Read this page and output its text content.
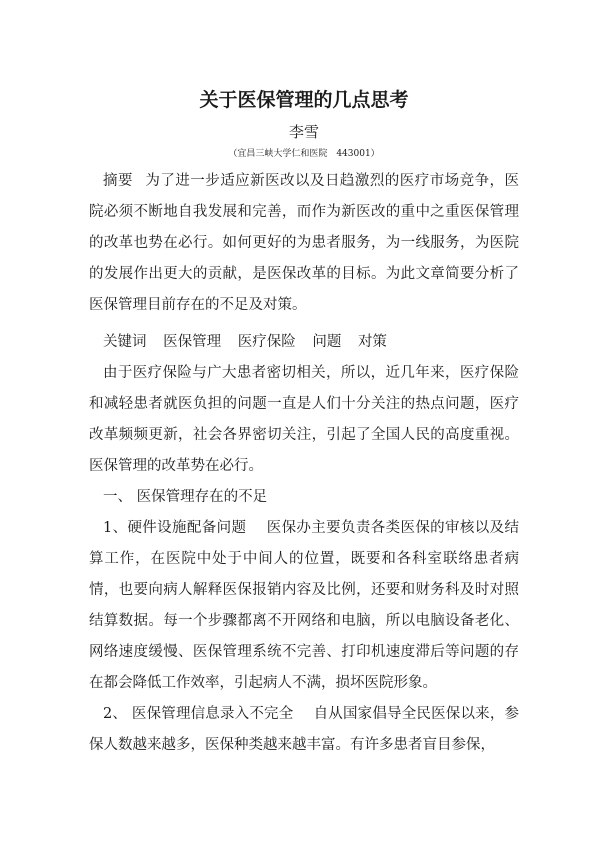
关于医保管理的几点思考
李雪
（宜昌三峡大学仁和医院　443001）

摘要 为了进一步适应新医改以及日趋激烈的医疗市场竞争，医院必须不断地自我发展和完善，而作为新医改的重中之重医保管理的改革也势在必行。如何更好的为患者服务，为一线服务，为医院的发展作出更大的贡献，是医保改革的目标。为此文章简要分析了医保管理目前存在的不足及对策。

关键词 医保管理 医疗保险 问题 对策

由于医疗保险与广大患者密切相关，所以，近几年来，医疗保险和减轻患者就医负担的问题一直是人们十分关注的热点问题，医疗改革频频更新，社会各界密切关注，引起了全国人民的高度重视。 医保管理的改革势在必行。

一、 医保管理存在的不足

1、硬件设施配备问题 医保办主要负责各类医保的审核以及结算工作，在医院中处于中间人的位置，既要和各科室联络患者病情，也要向病人解释医保报销内容及比例，还要和财务科及时对照结算数据。每一个步骤都离不开网络和电脑，所以电脑设备老化、网络速度缓慢、医保管理系统不完善、打印机速度滞后等问题的存在都会降低工作效率，引起病人不满，损坏医院形象。

2、 医保管理信息录入不完全 自从国家倡导全民医保以来，参保人数越来越多，医保种类越来越丰富。有许多患者盲目参保，
